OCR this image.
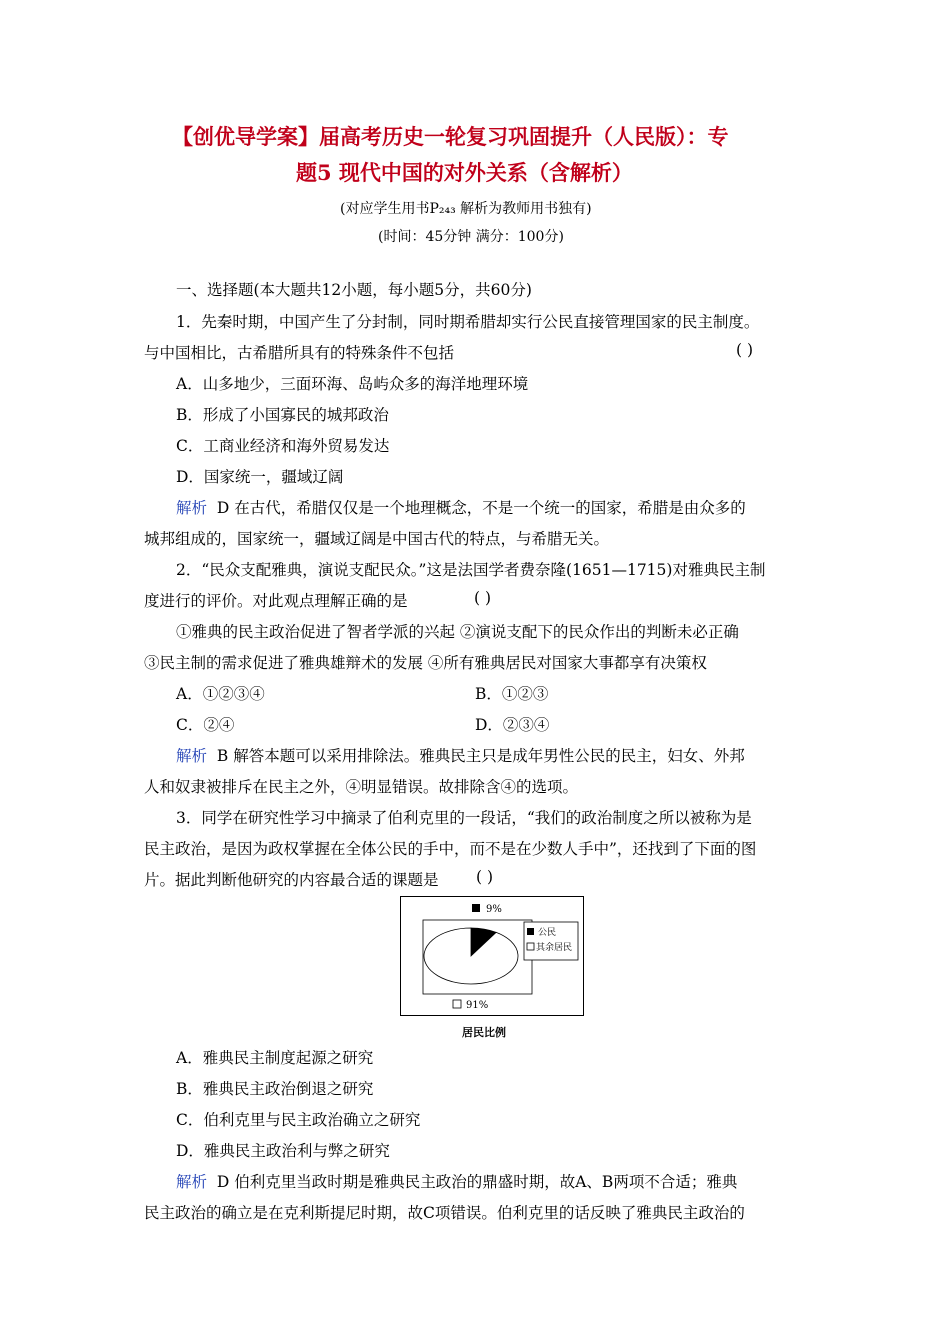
【创优导学案】届高考历史一轮复习巩固提升（人民版）：专
题5 现代中国的对外关系（含解析）
(对应学生用书P₂₄₃ 解析为教师用书独有)
(时间：45分钟 满分：100分)
一、选择题(本大题共12小题，每小题5分，共60分)
1．先秦时期，中国产生了分封制，同时期希腊却实行公民直接管理国家的民主制度。
与中国相比，古希腊所具有的特殊条件不包括	( )
A．山多地少，三面环海、岛屿众多的海洋地理环境
B．形成了小国寡民的城邦政治
C．工商业经济和海外贸易发达
D．国家统一，疆域辽阔
解析 D 在古代，希腊仅仅是一个地理概念，不是一个统一的国家，希腊是由众多的
城邦组成的，国家统一，疆域辽阔是中国古代的特点，与希腊无关。
2．“民众支配雅典，演说支配民众。”这是法国学者费奈隆(1651—1715)对雅典民主制
度进行的评价。对此观点理解正确的是	( )
①雅典的民主政治促进了智者学派的兴起 ②演说支配下的民众作出的判断未必正确
③民主制的需求促进了雅典雄辩术的发展 ④所有雅典居民对国家大事都享有决策权
A．①②③④	B．①②③
C．②④	D．②③④
解析 B 解答本题可以采用排除法。雅典民主只是成年男性公民的民主，妇女、外邦
人和奴隶被排斥在民主之外，④明显错误。故排除含④的选项。
3．同学在研究性学习中摘录了伯利克里的一段话，“我们的政治制度之所以被称为是
民主政治，是因为政权掌握在全体公民的手中，而不是在少数人手中”，还找到了下面的图
片。据此判断他研究的内容最合适的课题是 ( )
9%
公民
其余居民
91%
居民比例
A．雅典民主制度起源之研究
B．雅典民主政治倒退之研究
C．伯利克里与民主政治确立之研究
D．雅典民主政治利与弊之研究
解析 D 伯利克里当政时期是雅典民主政治的鼎盛时期，故A、B两项不合适；雅典
民主政治的确立是在克利斯提尼时期，故C项错误。伯利克里的话反映了雅典民主政治的
